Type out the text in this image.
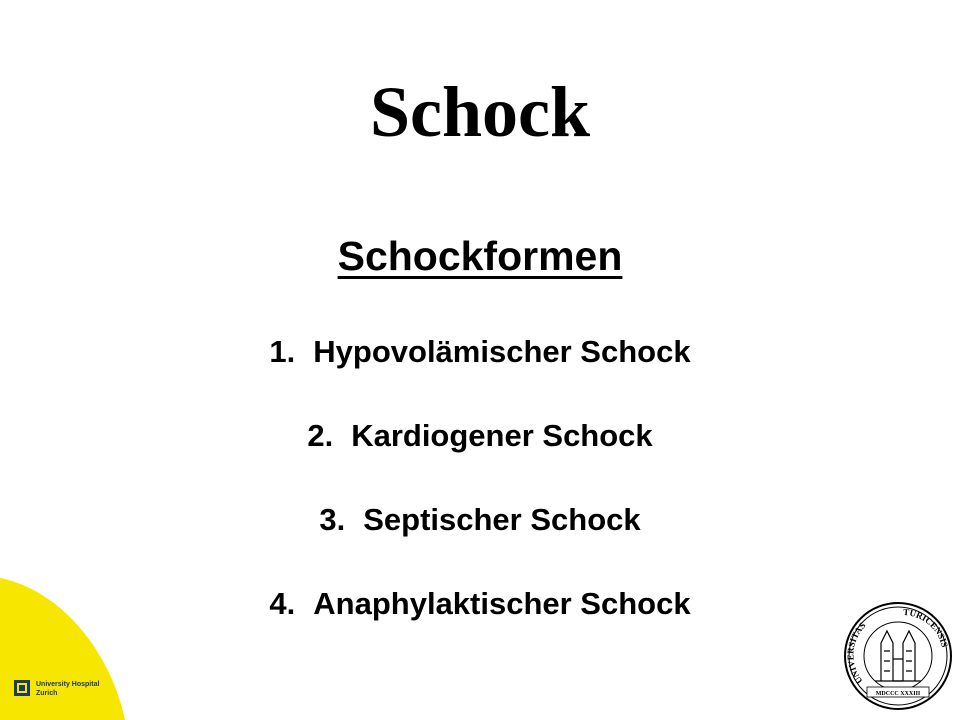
Schock
Schockformen
1. Hypovolämischer Schock
2. Kardiogener Schock
3. Septischer Schock
4. Anaphylaktischer Schock
University Hospital
Zurich
UNIVERSITAS
TURICENSIS
MDCCC XXXIII
